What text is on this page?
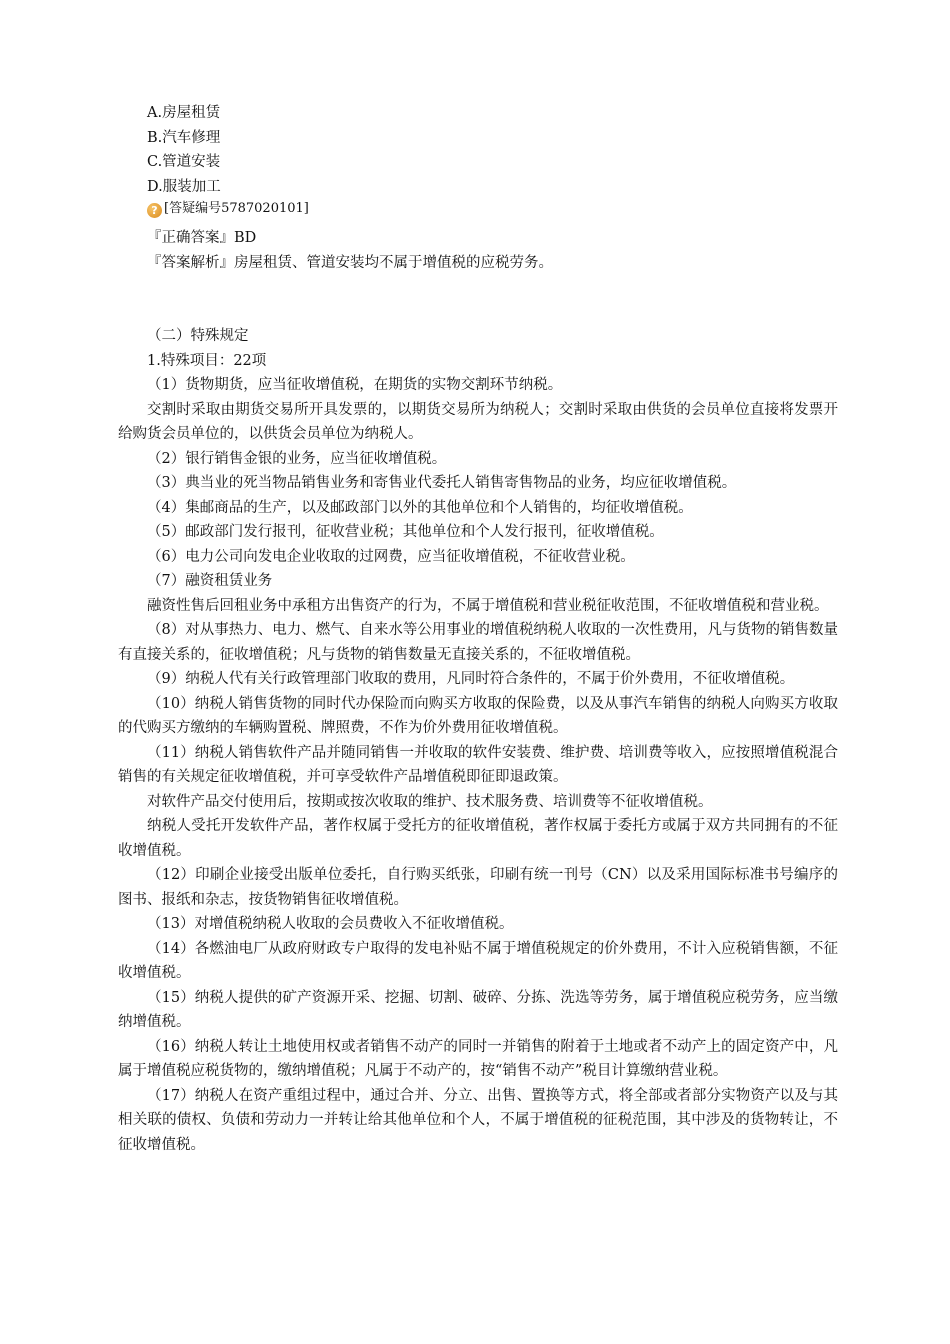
A.房屋租赁
B.汽车修理
C.管道安装
D.服装加工
? [答疑编号5787020101]
『正确答案』BD
『答案解析』房屋租赁、管道安装均不属于增值税的应税劳务。
（二）特殊规定
1.特殊项目：22项
（1）货物期货，应当征收增值税，在期货的实物交割环节纳税。
交割时采取由期货交易所开具发票的，以期货交易所为纳税人；交割时采取由供货的会员单位直接将发票开给购货会员单位的，以供货会员单位为纳税人。
（2）银行销售金银的业务，应当征收增值税。
（3）典当业的死当物品销售业务和寄售业代委托人销售寄售物品的业务，均应征收增值税。
（4）集邮商品的生产，以及邮政部门以外的其他单位和个人销售的，均征收增值税。
（5）邮政部门发行报刊，征收营业税；其他单位和个人发行报刊，征收增值税。
（6）电力公司向发电企业收取的过网费，应当征收增值税，不征收营业税。
（7）融资租赁业务
融资性售后回租业务中承租方出售资产的行为，不属于增值税和营业税征收范围，不征收增值税和营业税。
（8）对从事热力、电力、燃气、自来水等公用事业的增值税纳税人收取的一次性费用，凡与货物的销售数量有直接关系的，征收增值税；凡与货物的销售数量无直接关系的，不征收增值税。
（9）纳税人代有关行政管理部门收取的费用，凡同时符合条件的，不属于价外费用，不征收增值税。
（10）纳税人销售货物的同时代办保险而向购买方收取的保险费，以及从事汽车销售的纳税人向购买方收取的代购买方缴纳的车辆购置税、牌照费，不作为价外费用征收增值税。
（11）纳税人销售软件产品并随同销售一并收取的软件安装费、维护费、培训费等收入，应按照增值税混合销售的有关规定征收增值税，并可享受软件产品增值税即征即退政策。
对软件产品交付使用后，按期或按次收取的维护、技术服务费、培训费等不征收增值税。
纳税人受托开发软件产品，著作权属于受托方的征收增值税，著作权属于委托方或属于双方共同拥有的不征收增值税。
（12）印刷企业接受出版单位委托，自行购买纸张，印刷有统一刊号（CN）以及采用国际标准书号编序的图书、报纸和杂志，按货物销售征收增值税。
（13）对增值税纳税人收取的会员费收入不征收增值税。
（14）各燃油电厂从政府财政专户取得的发电补贴不属于增值税规定的价外费用，不计入应税销售额，不征收增值税。
（15）纳税人提供的矿产资源开采、挖掘、切割、破碎、分拣、洗选等劳务，属于增值税应税劳务，应当缴纳增值税。
（16）纳税人转让土地使用权或者销售不动产的同时一并销售的附着于土地或者不动产上的固定资产中，凡属于增值税应税货物的，缴纳增值税；凡属于不动产的，按“销售不动产”税目计算缴纳营业税。
（17）纳税人在资产重组过程中，通过合并、分立、出售、置换等方式，将全部或者部分实物资产以及与其相关联的债权、负债和劳动力一并转让给其他单位和个人，不属于增值税的征税范围，其中涉及的货物转让，不征收增值税。
